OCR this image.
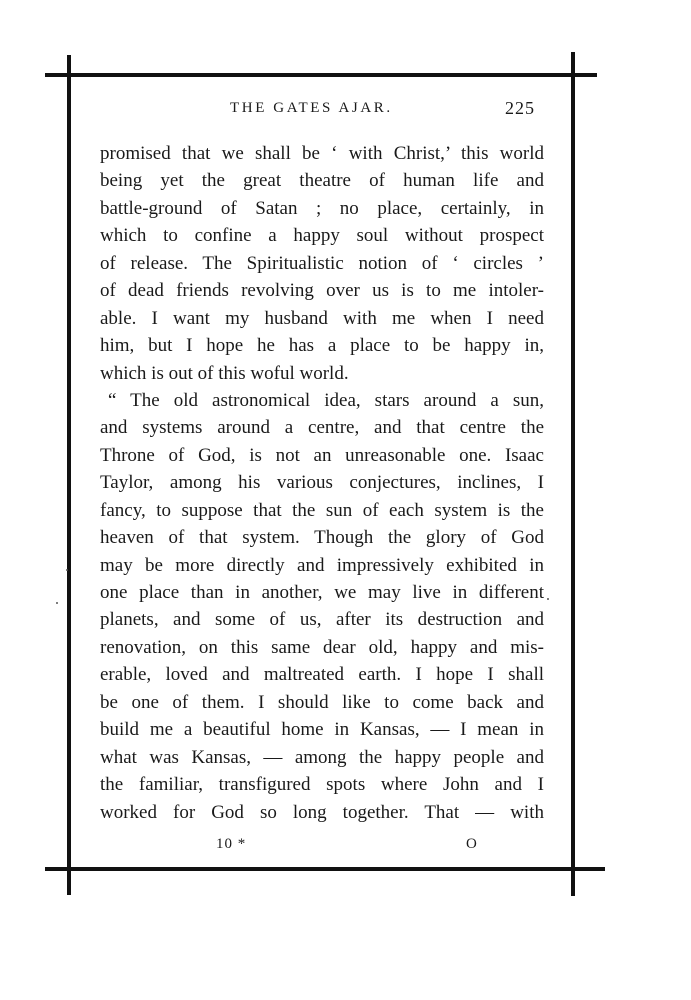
THE GATES AJAR.	225
promised that we shall be ‘ with Christ,’ this world
being yet the great theatre of human life and
battle-ground of Satan ; no place, certainly, in
which to confine a happy soul without prospect
of release. The Spiritualistic notion of ‘ circles ’
of dead friends revolving over us is to me intoler-
able. I want my husband with me when I need
him, but I hope he has a place to be happy in,
which is out of this woful world.
“ The old astronomical idea, stars around a sun,
and systems around a centre, and that centre the
Throne of God, is not an unreasonable one. Isaac
Taylor, among his various conjectures, inclines, I
fancy, to suppose that the sun of each system is the
heaven of that system. Though the glory of God
may be more directly and impressively exhibited in
one place than in another, we may live in different
planets, and some of us, after its destruction and
renovation, on this same dear old, happy and mis-
erable, loved and maltreated earth. I hope I shall
be one of them. I should like to come back and
build me a beautiful home in Kansas, — I mean in
what was Kansas, — among the happy people and
the familiar, transfigured spots where John and I
worked for God so long together. That — with
10 *	O
